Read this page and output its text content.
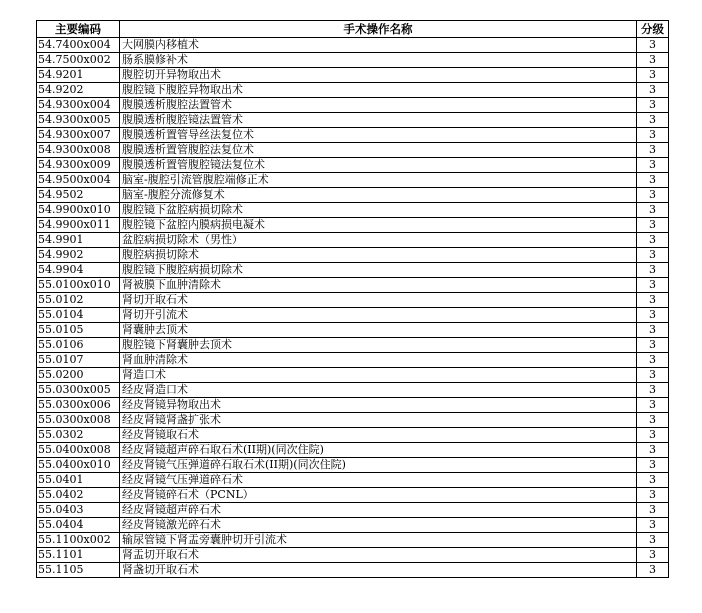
主要编码	手术操作名称	分级
54.7400x004	大网膜内移植术	3
54.7500x002	肠系膜修补术	3
54.9201	腹腔切开异物取出术	3
54.9202	腹腔镜下腹腔异物取出术	3
54.9300x004	腹膜透析腹腔法置管术	3
54.9300x005	腹膜透析腹腔镜法置管术	3
54.9300x007	腹膜透析置管导丝法复位术	3
54.9300x008	腹膜透析置管腹腔法复位术	3
54.9300x009	腹膜透析置管腹腔镜法复位术	3
54.9500x004	脑室-腹腔引流管腹腔端修正术	3
54.9502	脑室-腹腔分流修复术	3
54.9900x010	腹腔镜下盆腔病损切除术	3
54.9900x011	腹腔镜下盆腔内膜病损电凝术	3
54.9901	盆腔病损切除术（男性）	3
54.9902	腹腔病损切除术	3
54.9904	腹腔镜下腹腔病损切除术	3
55.0100x010	肾被膜下血肿清除术	3
55.0102	肾切开取石术	3
55.0104	肾切开引流术	3
55.0105	肾囊肿去顶术	3
55.0106	腹腔镜下肾囊肿去顶术	3
55.0107	肾血肿清除术	3
55.0200	肾造口术	3
55.0300x005	经皮肾造口术	3
55.0300x006	经皮肾镜异物取出术	3
55.0300x008	经皮肾镜肾盏扩张术	3
55.0302	经皮肾镜取石术	3
55.0400x008	经皮肾镜超声碎石取石术(II期)(同次住院)	3
55.0400x010	经皮肾镜气压弹道碎石取石术(II期)(同次住院)	3
55.0401	经皮肾镜气压弹道碎石术	3
55.0402	经皮肾镜碎石术（PCNL）	3
55.0403	经皮肾镜超声碎石术	3
55.0404	经皮肾镜激光碎石术	3
55.1100x002	输尿管镜下肾盂旁囊肿切开引流术	3
55.1101	肾盂切开取石术	3
55.1105	肾盏切开取石术	3
